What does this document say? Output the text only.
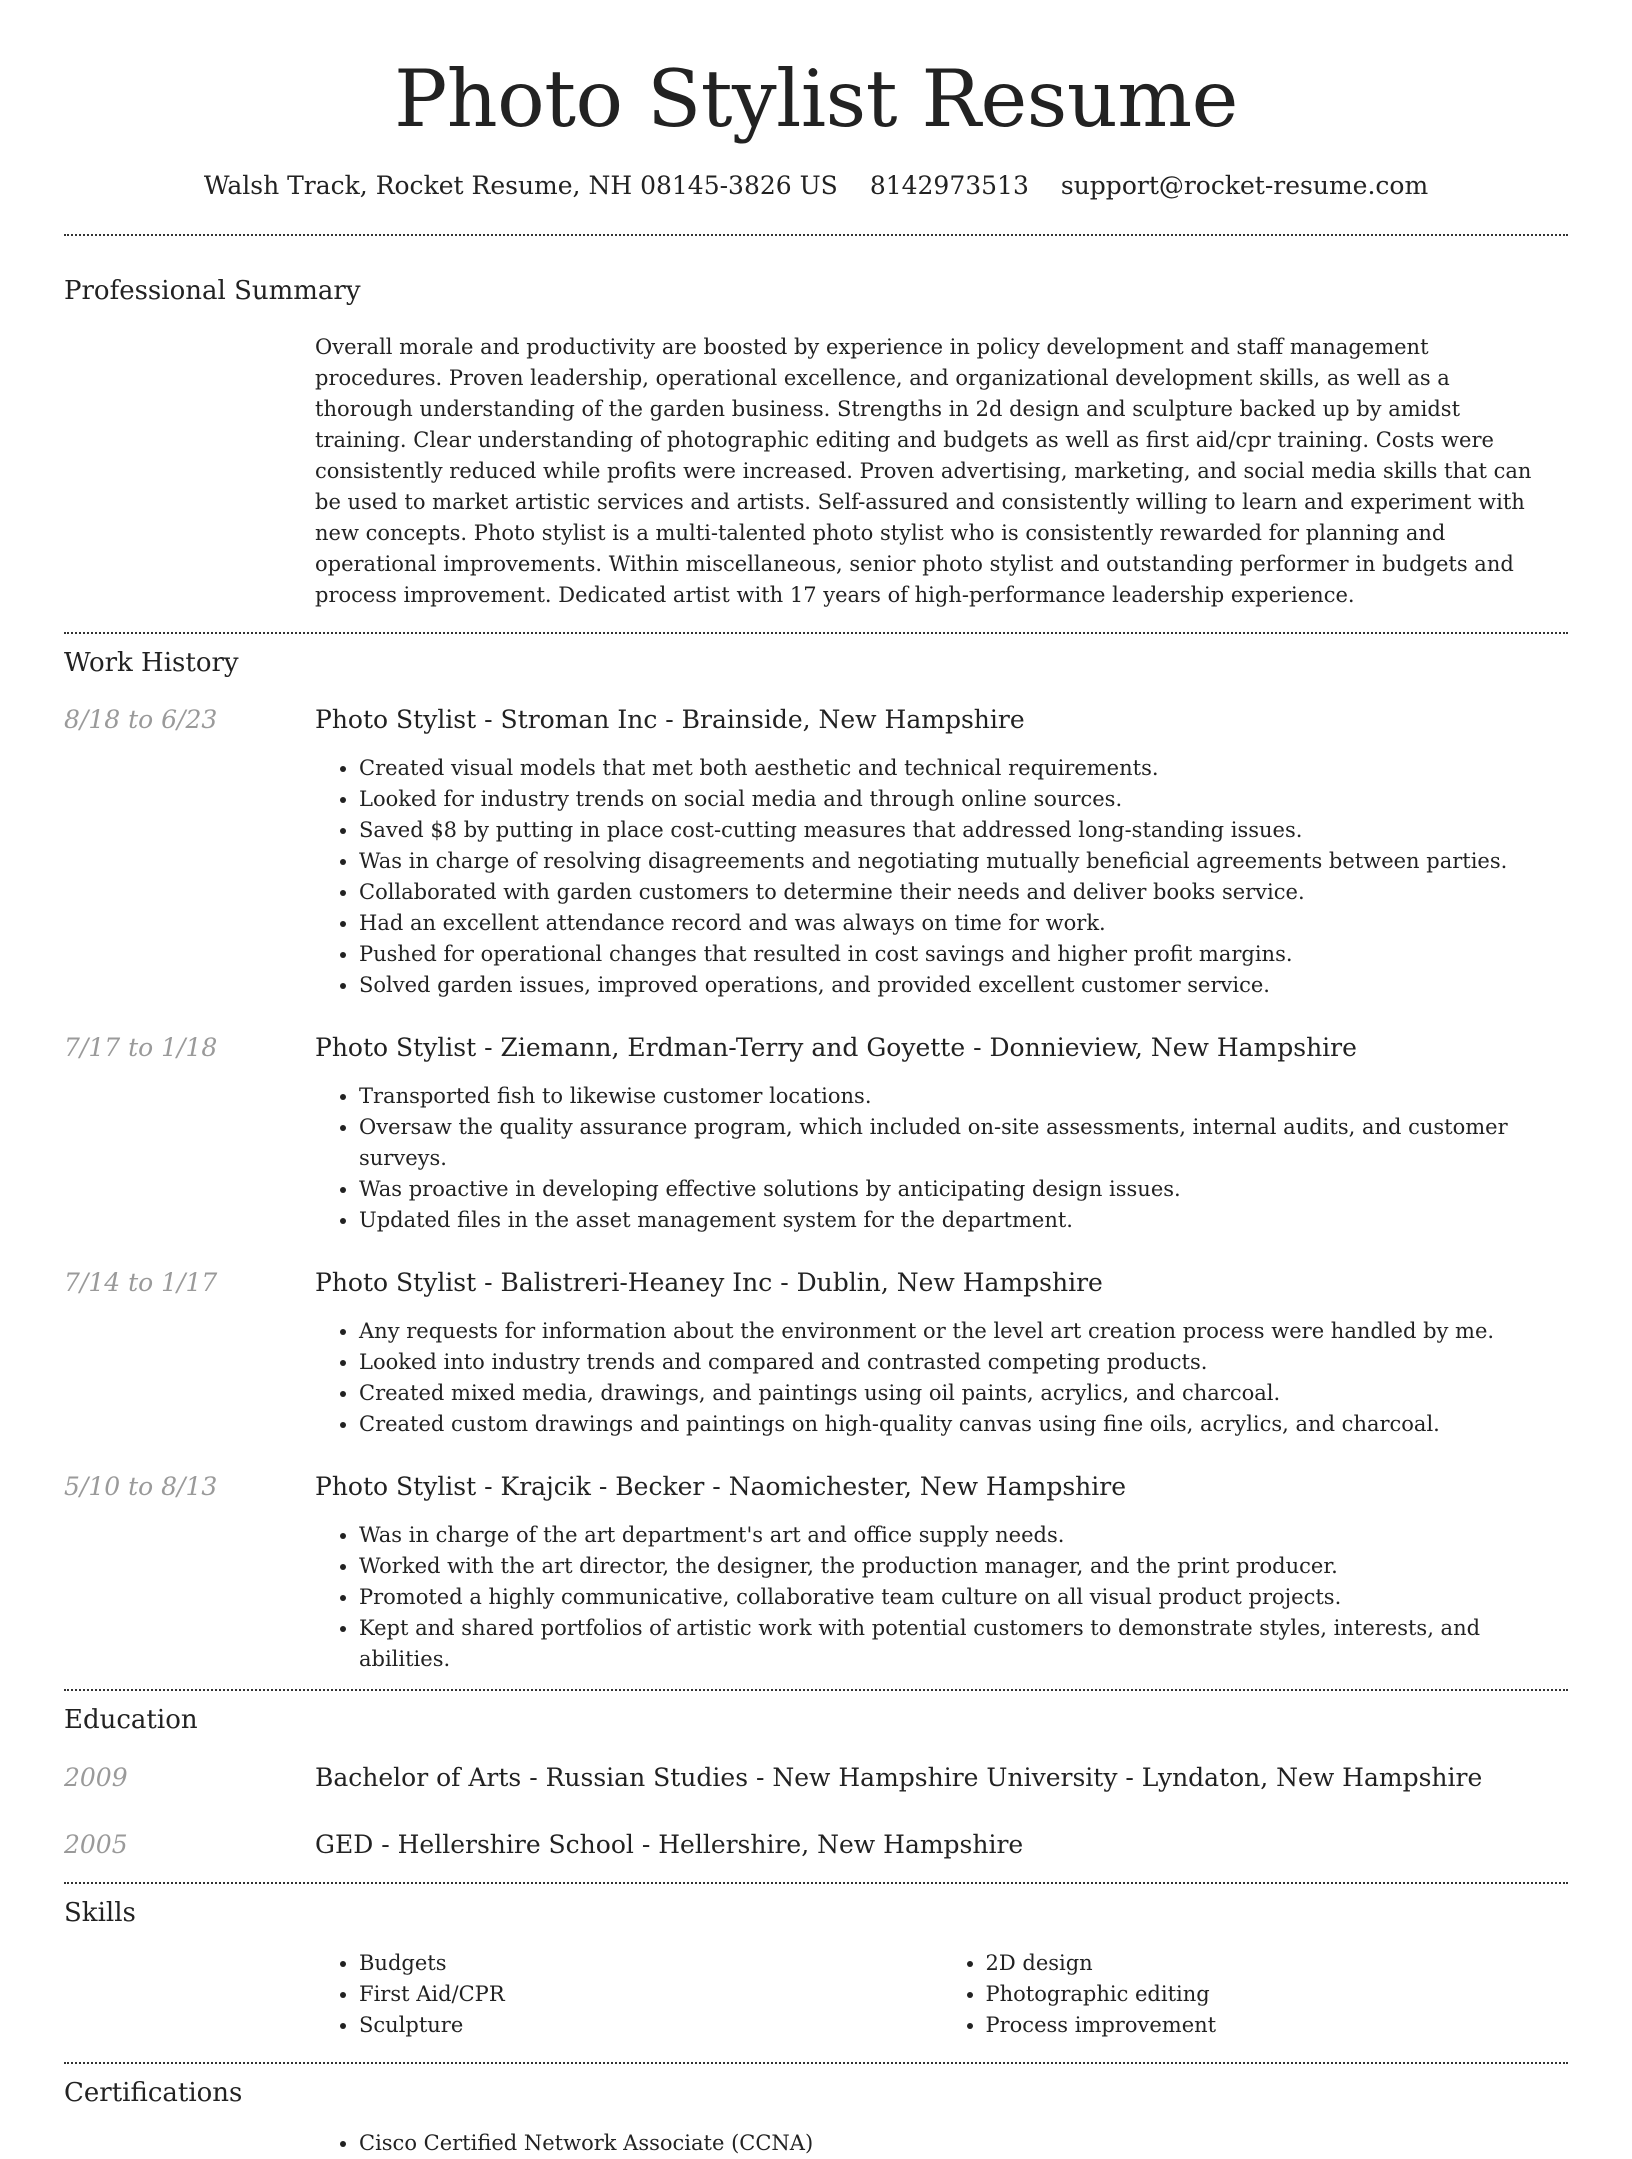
Photo Stylist Resume
Walsh Track, Rocket Resume, NH 08145-3826 US 8142973513 support@rocket-resume.com
Professional Summary

Overall morale and productivity are boosted by experience in policy development and staff management procedures. Proven leadership, operational excellence, and organizational development skills, as well as a thorough understanding of the garden business. Strengths in 2d design and sculpture backed up by amidst training. Clear understanding of photographic editing and budgets as well as first aid/cpr training. Costs were consistently reduced while profits were increased. Proven advertising, marketing, and social media skills that can be used to market artistic services and artists. Self-assured and consistently willing to learn and experiment with new concepts. Photo stylist is a multi-talented photo stylist who is consistently rewarded for planning and operational improvements. Within miscellaneous, senior photo stylist and outstanding performer in budgets and process improvement. Dedicated artist with 17 years of high-performance leadership experience.

Work History
8/18 to 6/23	Photo Stylist - Stroman Inc - Brainside, New Hampshire

• Created visual models that met both aesthetic and technical requirements.
• Looked for industry trends on social media and through online sources.
• Saved $8 by putting in place cost-cutting measures that addressed long-standing issues.
• Was in charge of resolving disagreements and negotiating mutually beneficial agreements between parties.
• Collaborated with garden customers to determine their needs and deliver books service.
• Had an excellent attendance record and was always on time for work.
• Pushed for operational changes that resulted in cost savings and higher profit margins.
• Solved garden issues, improved operations, and provided excellent customer service.
7/17 to 1/18	Photo Stylist - Ziemann, Erdman-Terry and Goyette - Donnieview, New Hampshire

• Transported fish to likewise customer locations.
• Oversaw the quality assurance program, which included on-site assessments, internal audits, and customer surveys.
• Was proactive in developing effective solutions by anticipating design issues.
• Updated files in the asset management system for the department.
7/14 to 1/17	Photo Stylist - Balistreri-Heaney Inc - Dublin, New Hampshire

• Any requests for information about the environment or the level art creation process were handled by me.
• Looked into industry trends and compared and contrasted competing products.
• Created mixed media, drawings, and paintings using oil paints, acrylics, and charcoal.
• Created custom drawings and paintings on high-quality canvas using fine oils, acrylics, and charcoal.
5/10 to 8/13	Photo Stylist - Krajcik - Becker - Naomichester, New Hampshire

• Was in charge of the art department's art and office supply needs.
• Worked with the art director, the designer, the production manager, and the print producer.
• Promoted a highly communicative, collaborative team culture on all visual product projects.
• Kept and shared portfolios of artistic work with potential customers to demonstrate styles, interests, and abilities.
Education
2009	Bachelor of Arts - Russian Studies - New Hampshire University - Lyndaton, New Hampshire

2005	GED - Hellershire School - Hellershire, New Hampshire

Skills
• Budgets
• First Aid/CPR
• Sculpture
• 2D design
• Photographic editing
• Process improvement
Certifications
• Cisco Certified Network Associate (CCNA)
